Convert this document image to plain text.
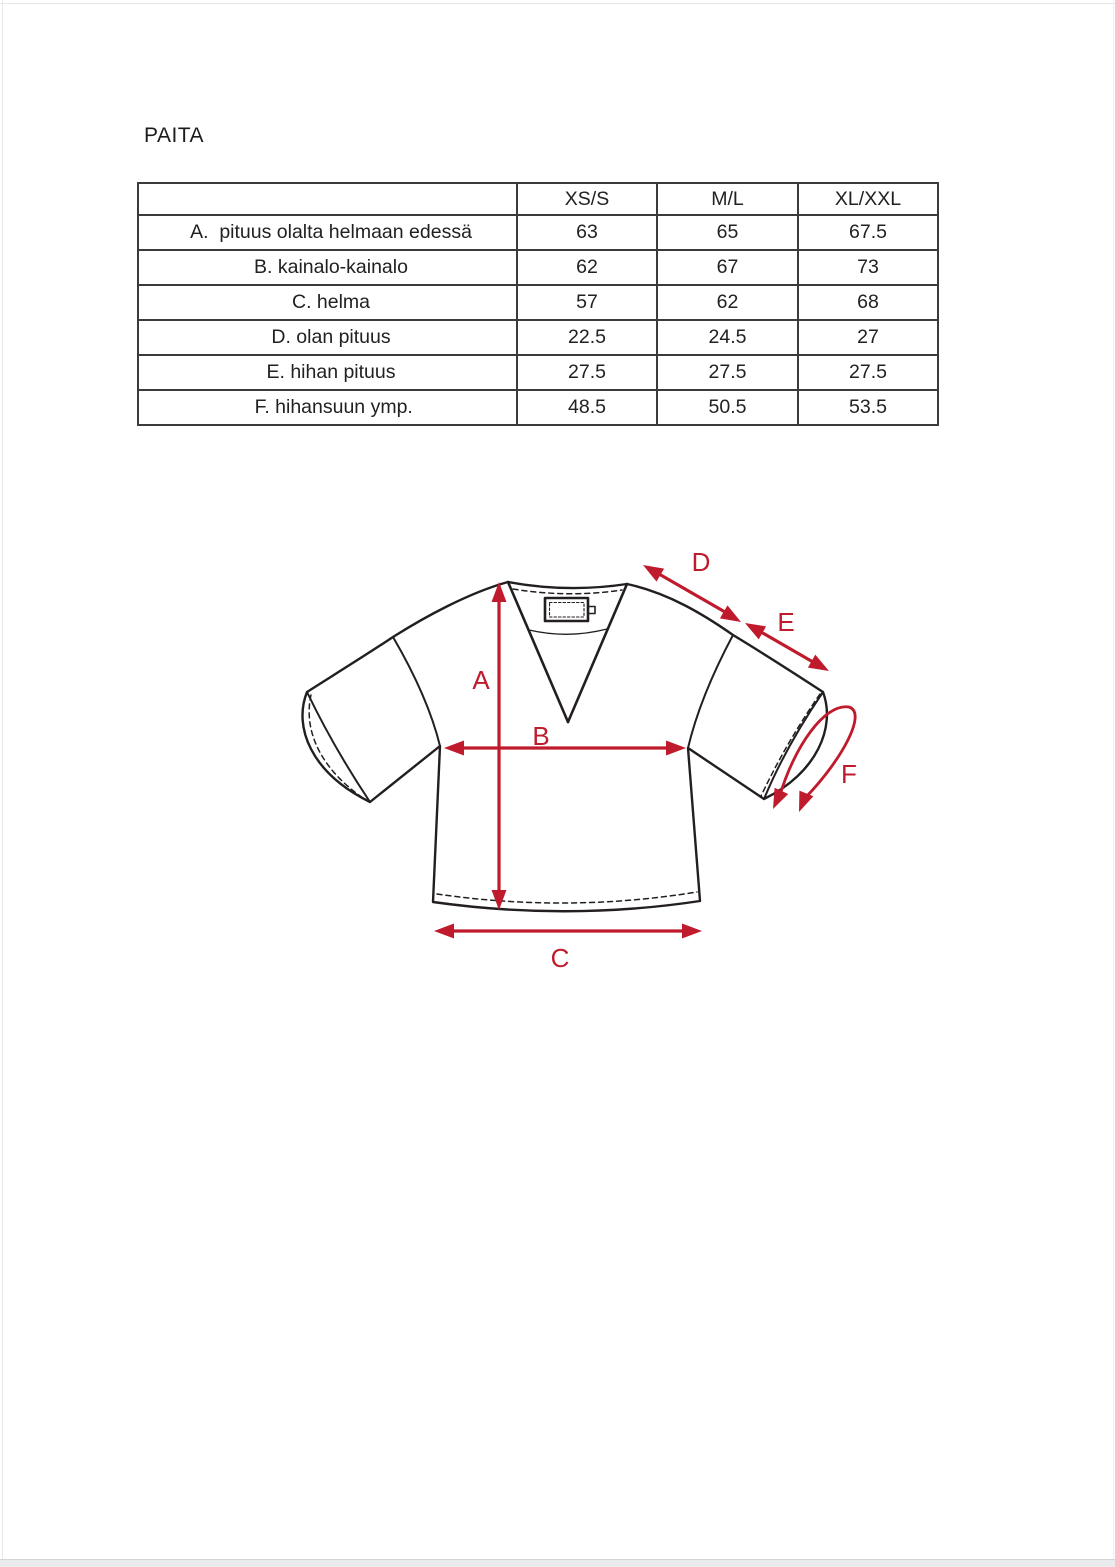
PAITA
	XS/S	M/L	XL/XXL
A.  pituus olalta helmaan edessä	63	65	67.5
B. kainalo-kainalo	62	67	73
C. helma	57	62	68
D. olan pituus	22.5	24.5	27
E. hihan pituus	27.5	27.5	27.5
F. hihansuun ymp.	48.5	50.5	53.5
A
B
C
D
E
F
